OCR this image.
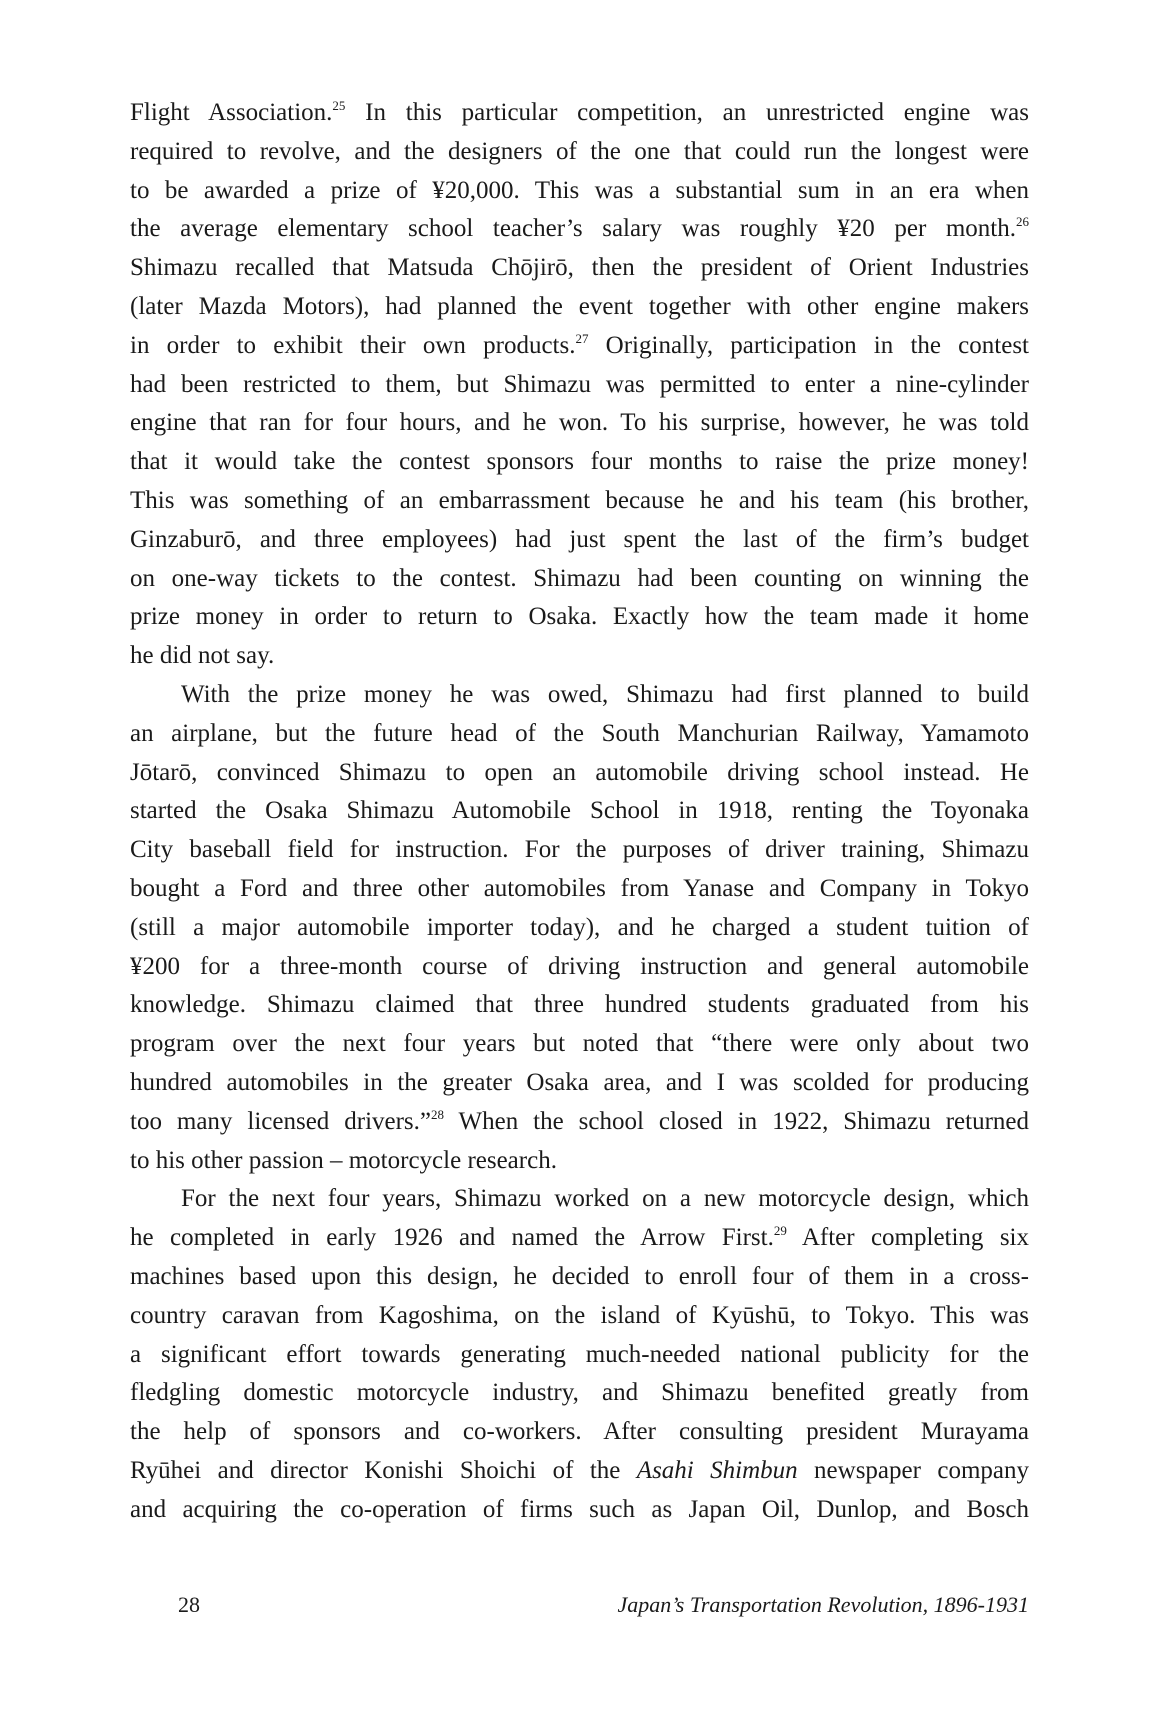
Flight Association.$^{25}$ In this particular competition, an unrestricted engine was
required to revolve, and the designers of the one that could run the longest were
to be awarded a prize of ¥20,000. This was a substantial sum in an era when
the average elementary school teacher’s salary was roughly ¥20 per month.$^{26}$
Shimazu recalled that Matsuda Chōjirō, then the president of Orient Industries
(later Mazda Motors), had planned the event together with other engine makers
in order to exhibit their own products.$^{27}$ Originally, participation in the contest
had been restricted to them, but Shimazu was permitted to enter a nine-cylinder
engine that ran for four hours, and he won. To his surprise, however, he was told
that it would take the contest sponsors four months to raise the prize money!
This was something of an embarrassment because he and his team (his brother,
Ginzaburō, and three employees) had just spent the last of the firm’s budget
on one-way tickets to the contest. Shimazu had been counting on winning the
prize money in order to return to Osaka. Exactly how the team made it home
he did not say.
With the prize money he was owed, Shimazu had first planned to build
an airplane, but the future head of the South Manchurian Railway, Yamamoto
Jōtarō, convinced Shimazu to open an automobile driving school instead. He
started the Osaka Shimazu Automobile School in 1918, renting the Toyonaka
City baseball field for instruction. For the purposes of driver training, Shimazu
bought a Ford and three other automobiles from Yanase and Company in Tokyo
(still a major automobile importer today), and he charged a student tuition of
¥200 for a three-month course of driving instruction and general automobile
knowledge. Shimazu claimed that three hundred students graduated from his
program over the next four years but noted that “there were only about two
hundred automobiles in the greater Osaka area, and I was scolded for producing
too many licensed drivers.”$^{28}$ When the school closed in 1922, Shimazu returned
to his other passion – motorcycle research.
For the next four years, Shimazu worked on a new motorcycle design, which
he completed in early 1926 and named the Arrow First.$^{29}$ After completing six
machines based upon this design, he decided to enroll four of them in a cross-
country caravan from Kagoshima, on the island of Kyūshū, to Tokyo. This was
a significant effort towards generating much-needed national publicity for the
fledgling domestic motorcycle industry, and Shimazu benefited greatly from
the help of sponsors and co-workers. After consulting president Murayama
Ryūhei and director Konishi Shoichi of the Asahi Shimbun newspaper company
and acquiring the co-operation of firms such as Japan Oil, Dunlop, and Bosch
28	Japan’s Transportation Revolution, 1896-1931
